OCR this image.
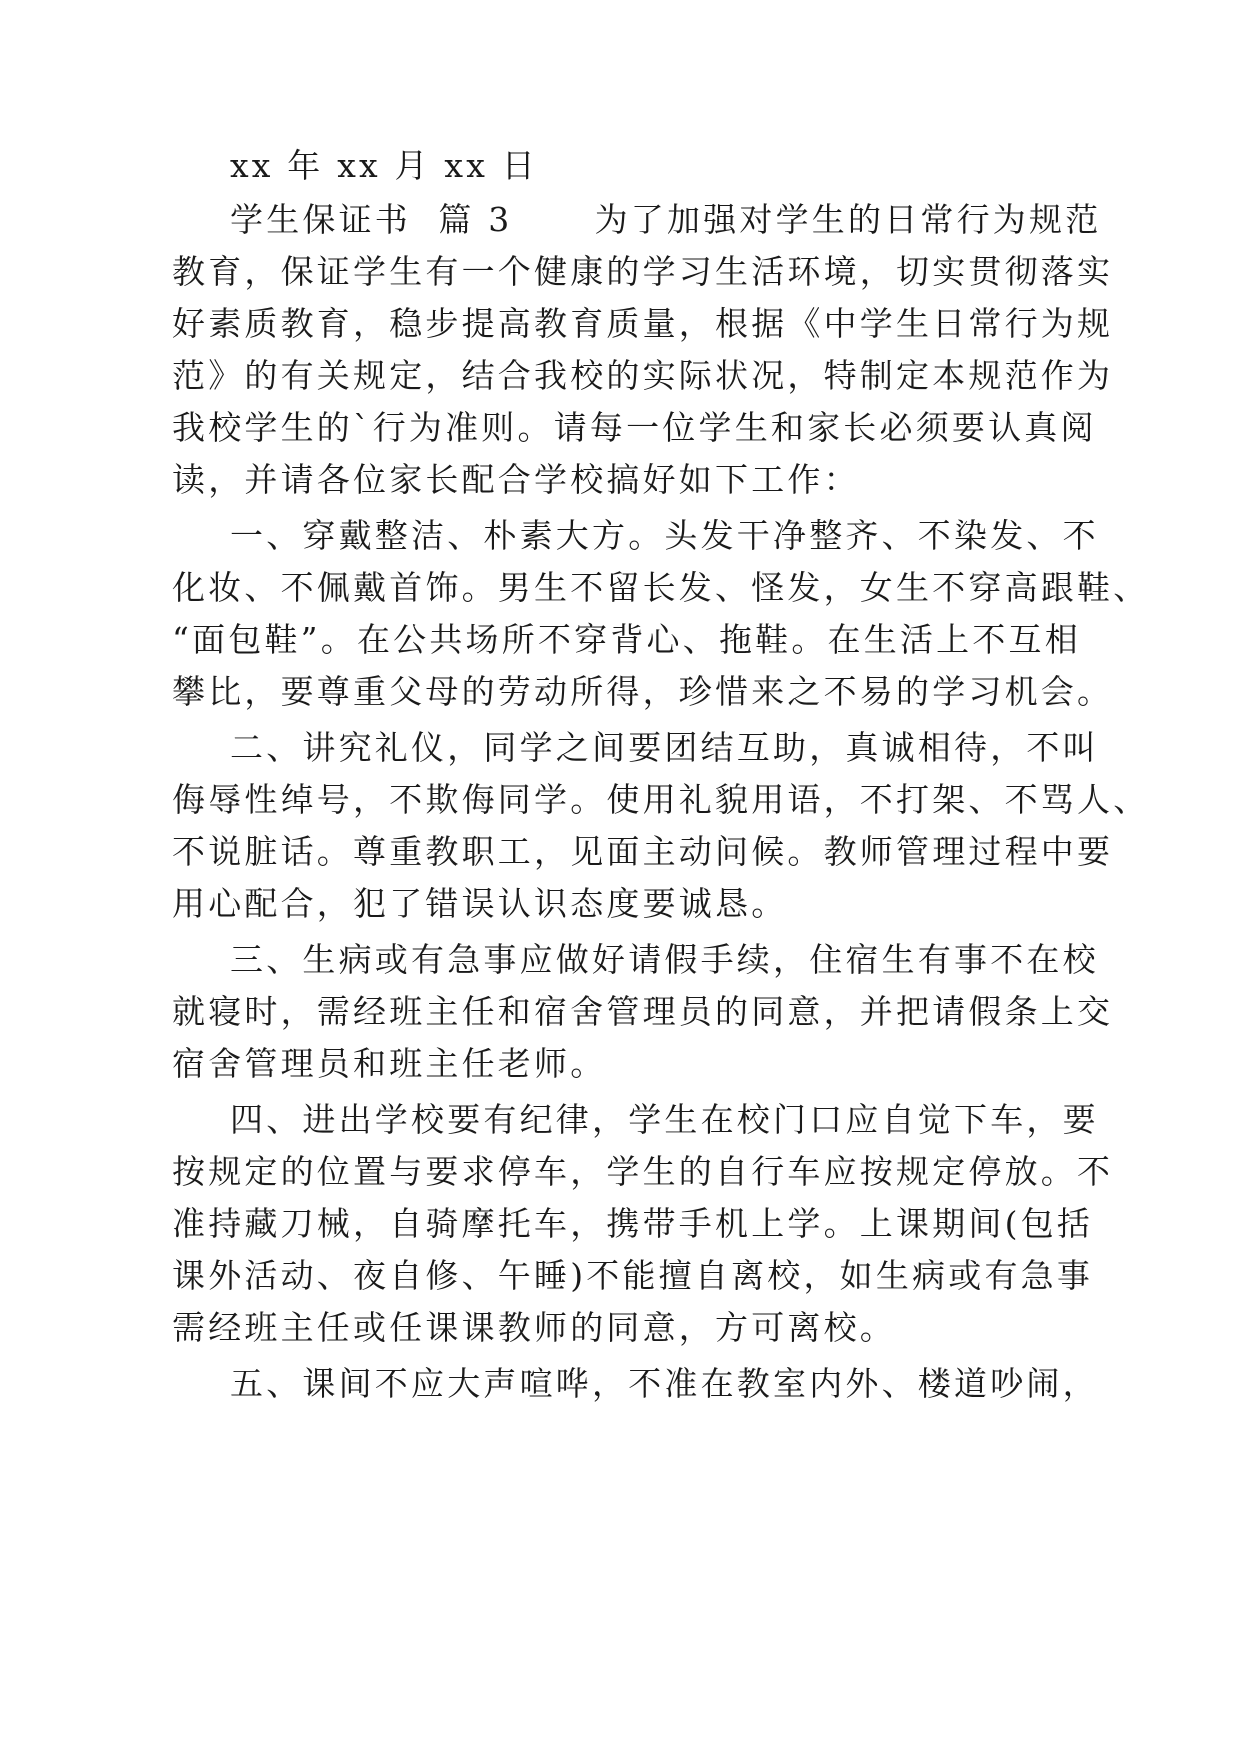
xx 年 xx 月 xx 日
学生保证书  篇 3      为了加强对学生的日常行为规范
教育，保证学生有一个健康的学习生活环境，切实贯彻落实
好素质教育，稳步提高教育质量，根据《中学生日常行为规
范》的有关规定，结合我校的实际状况，特制定本规范作为
我校学生的`行为准则。请每一位学生和家长必须要认真阅
读，并请各位家长配合学校搞好如下工作：
一、穿戴整洁、朴素大方。头发干净整齐、不染发、不
化妆、不佩戴首饰。男生不留长发、怪发，女生不穿高跟鞋、
“面包鞋”。在公共场所不穿背心、拖鞋。在生活上不互相
攀比，要尊重父母的劳动所得，珍惜来之不易的学习机会。
二、讲究礼仪，同学之间要团结互助，真诚相待，不叫
侮辱性绰号，不欺侮同学。使用礼貌用语，不打架、不骂人、
不说脏话。尊重教职工，见面主动问候。教师管理过程中要
用心配合，犯了错误认识态度要诚恳。
三、生病或有急事应做好请假手续，住宿生有事不在校
就寝时，需经班主任和宿舍管理员的同意，并把请假条上交
宿舍管理员和班主任老师。
四、进出学校要有纪律，学生在校门口应自觉下车，要
按规定的位置与要求停车，学生的自行车应按规定停放。不
准持藏刀械，自骑摩托车，携带手机上学。上课期间(包括
课外活动、夜自修、午睡)不能擅自离校，如生病或有急事
需经班主任或任课课教师的同意，方可离校。
五、课间不应大声喧哗，不准在教室内外、楼道吵闹，
